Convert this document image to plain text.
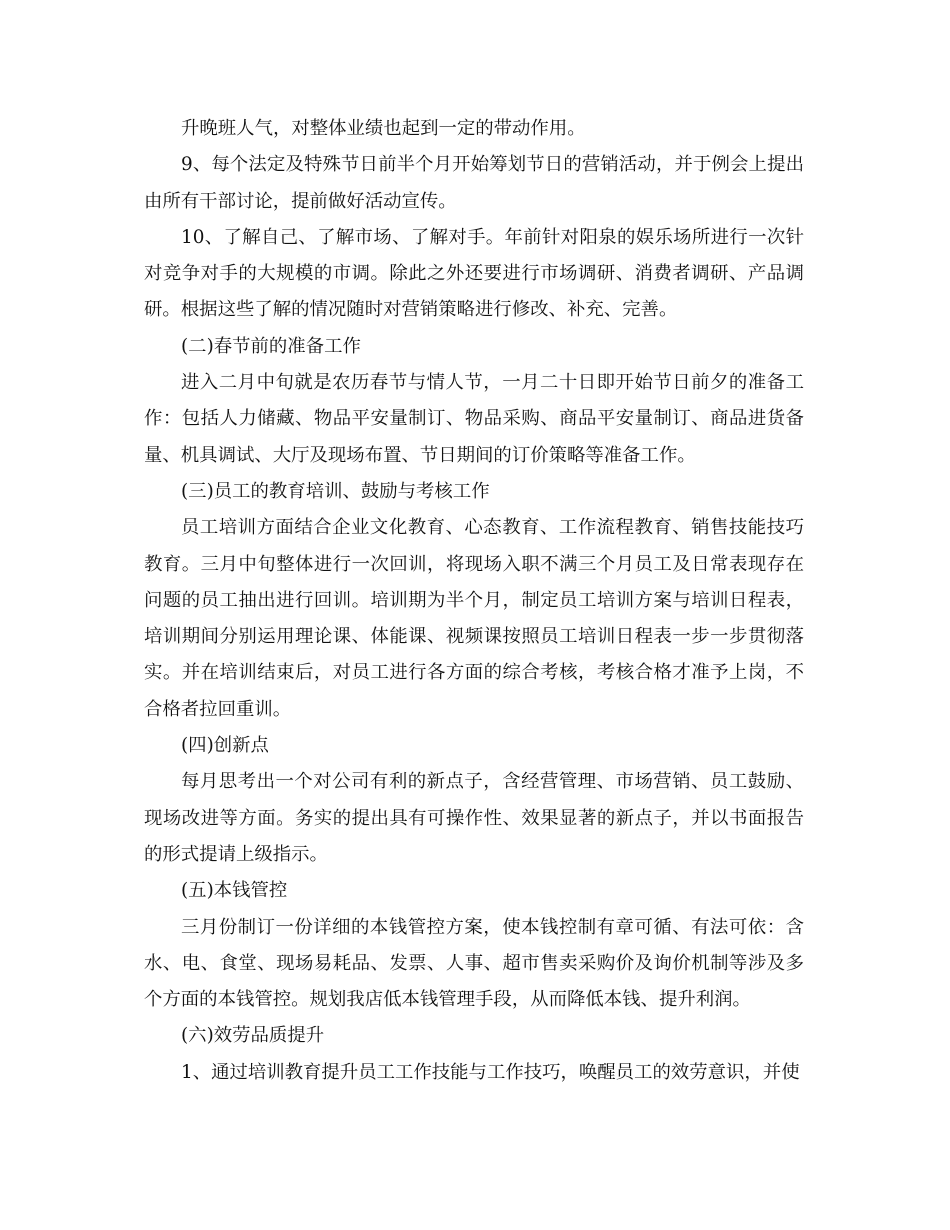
升晚班人气，对整体业绩也起到一定的带动作用。

9、每个法定及特殊节日前半个月开始筹划节日的营销活动，并于例会上提出由所有干部讨论，提前做好活动宣传。

10、了解自己、了解市场、了解对手。年前针对阳泉的娱乐场所进行一次针对竞争对手的大规模的市调。除此之外还要进行市场调研、消费者调研、产品调研。根据这些了解的情况随时对营销策略进行修改、补充、完善。

(二)春节前的准备工作

进入二月中旬就是农历春节与情人节，一月二十日即开始节日前夕的准备工作：包括人力储藏、物品平安量制订、物品采购、商品平安量制订、商品进货备量、机具调试、大厅及现场布置、节日期间的订价策略等准备工作。

(三)员工的教育培训、鼓励与考核工作

员工培训方面结合企业文化教育、心态教育、工作流程教育、销售技能技巧教育。三月中旬整体进行一次回训，将现场入职不满三个月员工及日常表现存在问题的员工抽出进行回训。培训期为半个月，制定员工培训方案与培训日程表，培训期间分别运用理论课、体能课、视频课按照员工培训日程表一步一步贯彻落实。并在培训结束后，对员工进行各方面的综合考核，考核合格才准予上岗，不合格者拉回重训。

(四)创新点

每月思考出一个对公司有利的新点子，含经营管理、市场营销、员工鼓励、现场改进等方面。务实的提出具有可操作性、效果显著的新点子，并以书面报告的形式提请上级指示。

(五)本钱管控

三月份制订一份详细的本钱管控方案，使本钱控制有章可循、有法可依：含水、电、食堂、现场易耗品、发票、人事、超市售卖采购价及询价机制等涉及多个方面的本钱管控。规划我店低本钱管理手段，从而降低本钱、提升利润。

(六)效劳品质提升

1、通过培训教育提升员工工作技能与工作技巧，唤醒员工的效劳意识，并使
